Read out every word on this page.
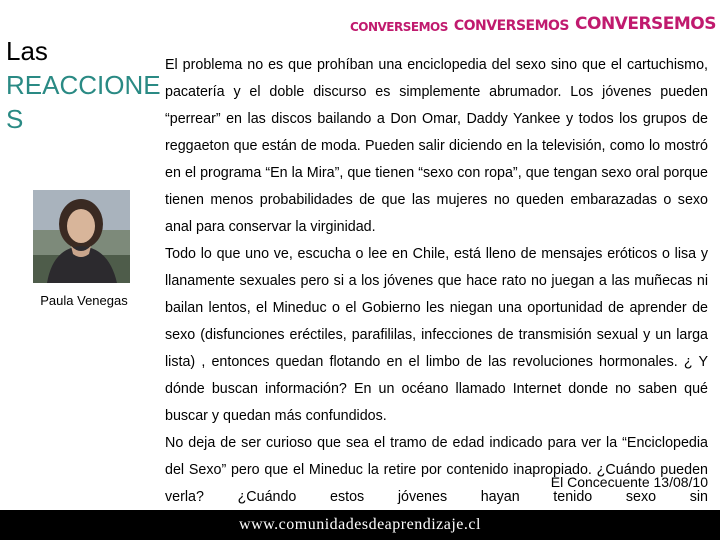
CONVERSEMOS CONVERSEMOS CONVERSEMOS
Las
REACCIONE
S
Paula Venegas

El problema no es que prohíban una enciclopedia del sexo sino que el cartuchismo, pacatería y el doble discurso es simplemente abrumador. Los jóvenes pueden “perrear” en las discos bailando a Don Omar, Daddy Yankee y todos los grupos de reggaeton que están de moda. Pueden salir diciendo en la televisión, como lo mostró en el programa “En la Mira”, que tienen “sexo con ropa”, que tengan sexo oral porque tienen menos probabilidades de que las mujeres no queden embarazadas o sexo anal para conservar la virginidad.

Todo lo que uno ve, escucha o lee en Chile, está lleno de mensajes eróticos o lisa y llanamente sexuales pero si a los jóvenes que hace rato no juegan a las muñecas ni bailan lentos, el Mineduc o el Gobierno les niegan una oportunidad de aprender de sexo (disfunciones eréctiles, parafililas, infecciones de transmisión sexual y un larga lista) , entonces quedan flotando en el limbo de las revoluciones hormonales. ¿ Y dónde buscan información? En un océano llamado Internet donde no saben qué buscar y quedan más confundidos.

No deja de ser curioso que sea el tramo de edad indicado para ver la “Enciclopedia del Sexo” pero que el Mineduc la retire por contenido inapropiado. ¿Cuándo pueden verla? ¿Cuándo estos jóvenes hayan tenido sexo sin

El Concecuente 13/08/10
www.comunidadesdeaprendizaje.cl
